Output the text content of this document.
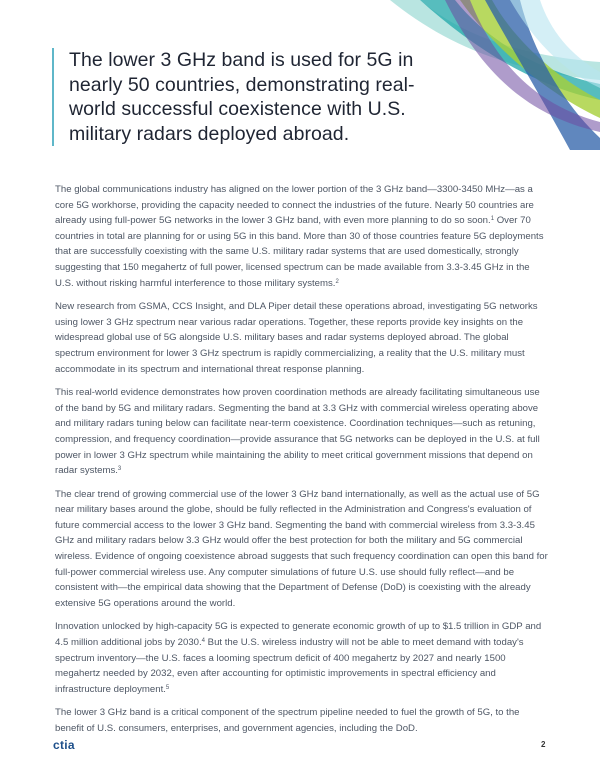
The lower 3 GHz band is used for 5G in nearly 50 countries, demonstrating real-world successful coexistence with U.S. military radars deployed abroad.

The global communications industry has aligned on the lower portion of the 3 GHz band—3300-3450 MHz—as a core 5G workhorse, providing the capacity needed to connect the industries of the future. Nearly 50 countries are already using full-power 5G networks in the lower 3 GHz band, with even more planning to do so soon.$^1$ Over 70 countries in total are planning for or using 5G in this band. More than 30 of those countries feature 5G deployments that are successfully coexisting with the same U.S. military radar systems that are used domestically, strongly suggesting that 150 megahertz of full power, licensed spectrum can be made available from 3.3-3.45 GHz in the U.S. without risking harmful interference to those military systems.$^2$

New research from GSMA, CCS Insight, and DLA Piper detail these operations abroad, investigating 5G networks using lower 3 GHz spectrum near various radar operations. Together, these reports provide key insights on the widespread global use of 5G alongside U.S. military bases and radar systems deployed abroad. The global spectrum environment for lower 3 GHz spectrum is rapidly commercializing, a reality that the U.S. military must accommodate in its spectrum and international threat response planning.

This real-world evidence demonstrates how proven coordination methods are already facilitating simultaneous use of the band by 5G and military radars. Segmenting the band at 3.3 GHz with commercial wireless operating above and military radars tuning below can facilitate near-term coexistence. Coordination techniques—such as retuning, compression, and frequency coordination—provide assurance that 5G networks can be deployed in the U.S. at full power in lower 3 GHz spectrum while maintaining the ability to meet critical government missions that depend on radar systems.$^3$

The clear trend of growing commercial use of the lower 3 GHz band internationally, as well as the actual use of 5G near military bases around the globe, should be fully reflected in the Administration and Congress's evaluation of future commercial access to the lower 3 GHz band. Segmenting the band with commercial wireless from 3.3-3.45 GHz and military radars below 3.3 GHz would offer the best protection for both the military and 5G commercial wireless. Evidence of ongoing coexistence abroad suggests that such frequency coordination can open this band for full-power commercial wireless use. Any computer simulations of future U.S. use should fully reflect—and be consistent with—the empirical data showing that the Department of Defense (DoD) is coexisting with the already extensive 5G operations around the world.

Innovation unlocked by high-capacity 5G is expected to generate economic growth of up to $1.5 trillion in GDP and 4.5 million additional jobs by 2030.$^4$ But the U.S. wireless industry will not be able to meet demand with today's spectrum inventory—the U.S. faces a looming spectrum deficit of 400 megahertz by 2027 and nearly 1500 megahertz needed by 2032, even after accounting for optimistic improvements in spectral efficiency and infrastructure deployment.$^5$

The lower 3 GHz band is a critical component of the spectrum pipeline needed to fuel the growth of 5G, to the benefit of U.S. consumers, enterprises, and government agencies, including the DoD.

ctia	2
